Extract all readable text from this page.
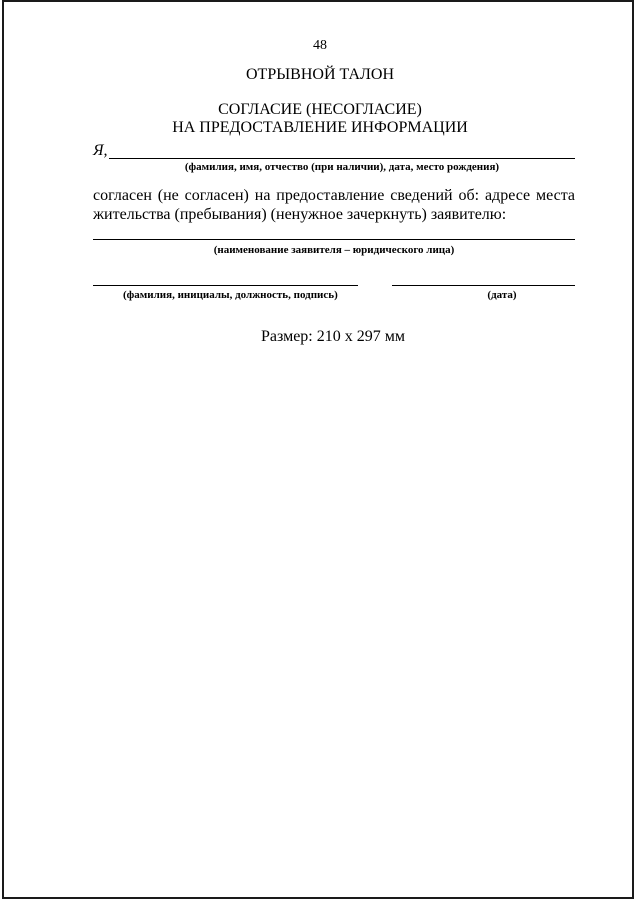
48
ОТРЫВНОЙ ТАЛОН
СОГЛАСИЕ (НЕСОГЛАСИЕ)
НА ПРЕДОСТАВЛЕНИЕ ИНФОРМАЦИИ
Я,
(фамилия, имя, отчество (при наличии), дата, место рождения)
согласен (не согласен) на предоставление сведений об: адресе места жительства (пребывания) (ненужное зачеркнуть) заявителю:
(наименование заявителя – юридического лица)
(фамилия, инициалы, должность, подпись)	(дата)
Размер: 210 х 297 мм
